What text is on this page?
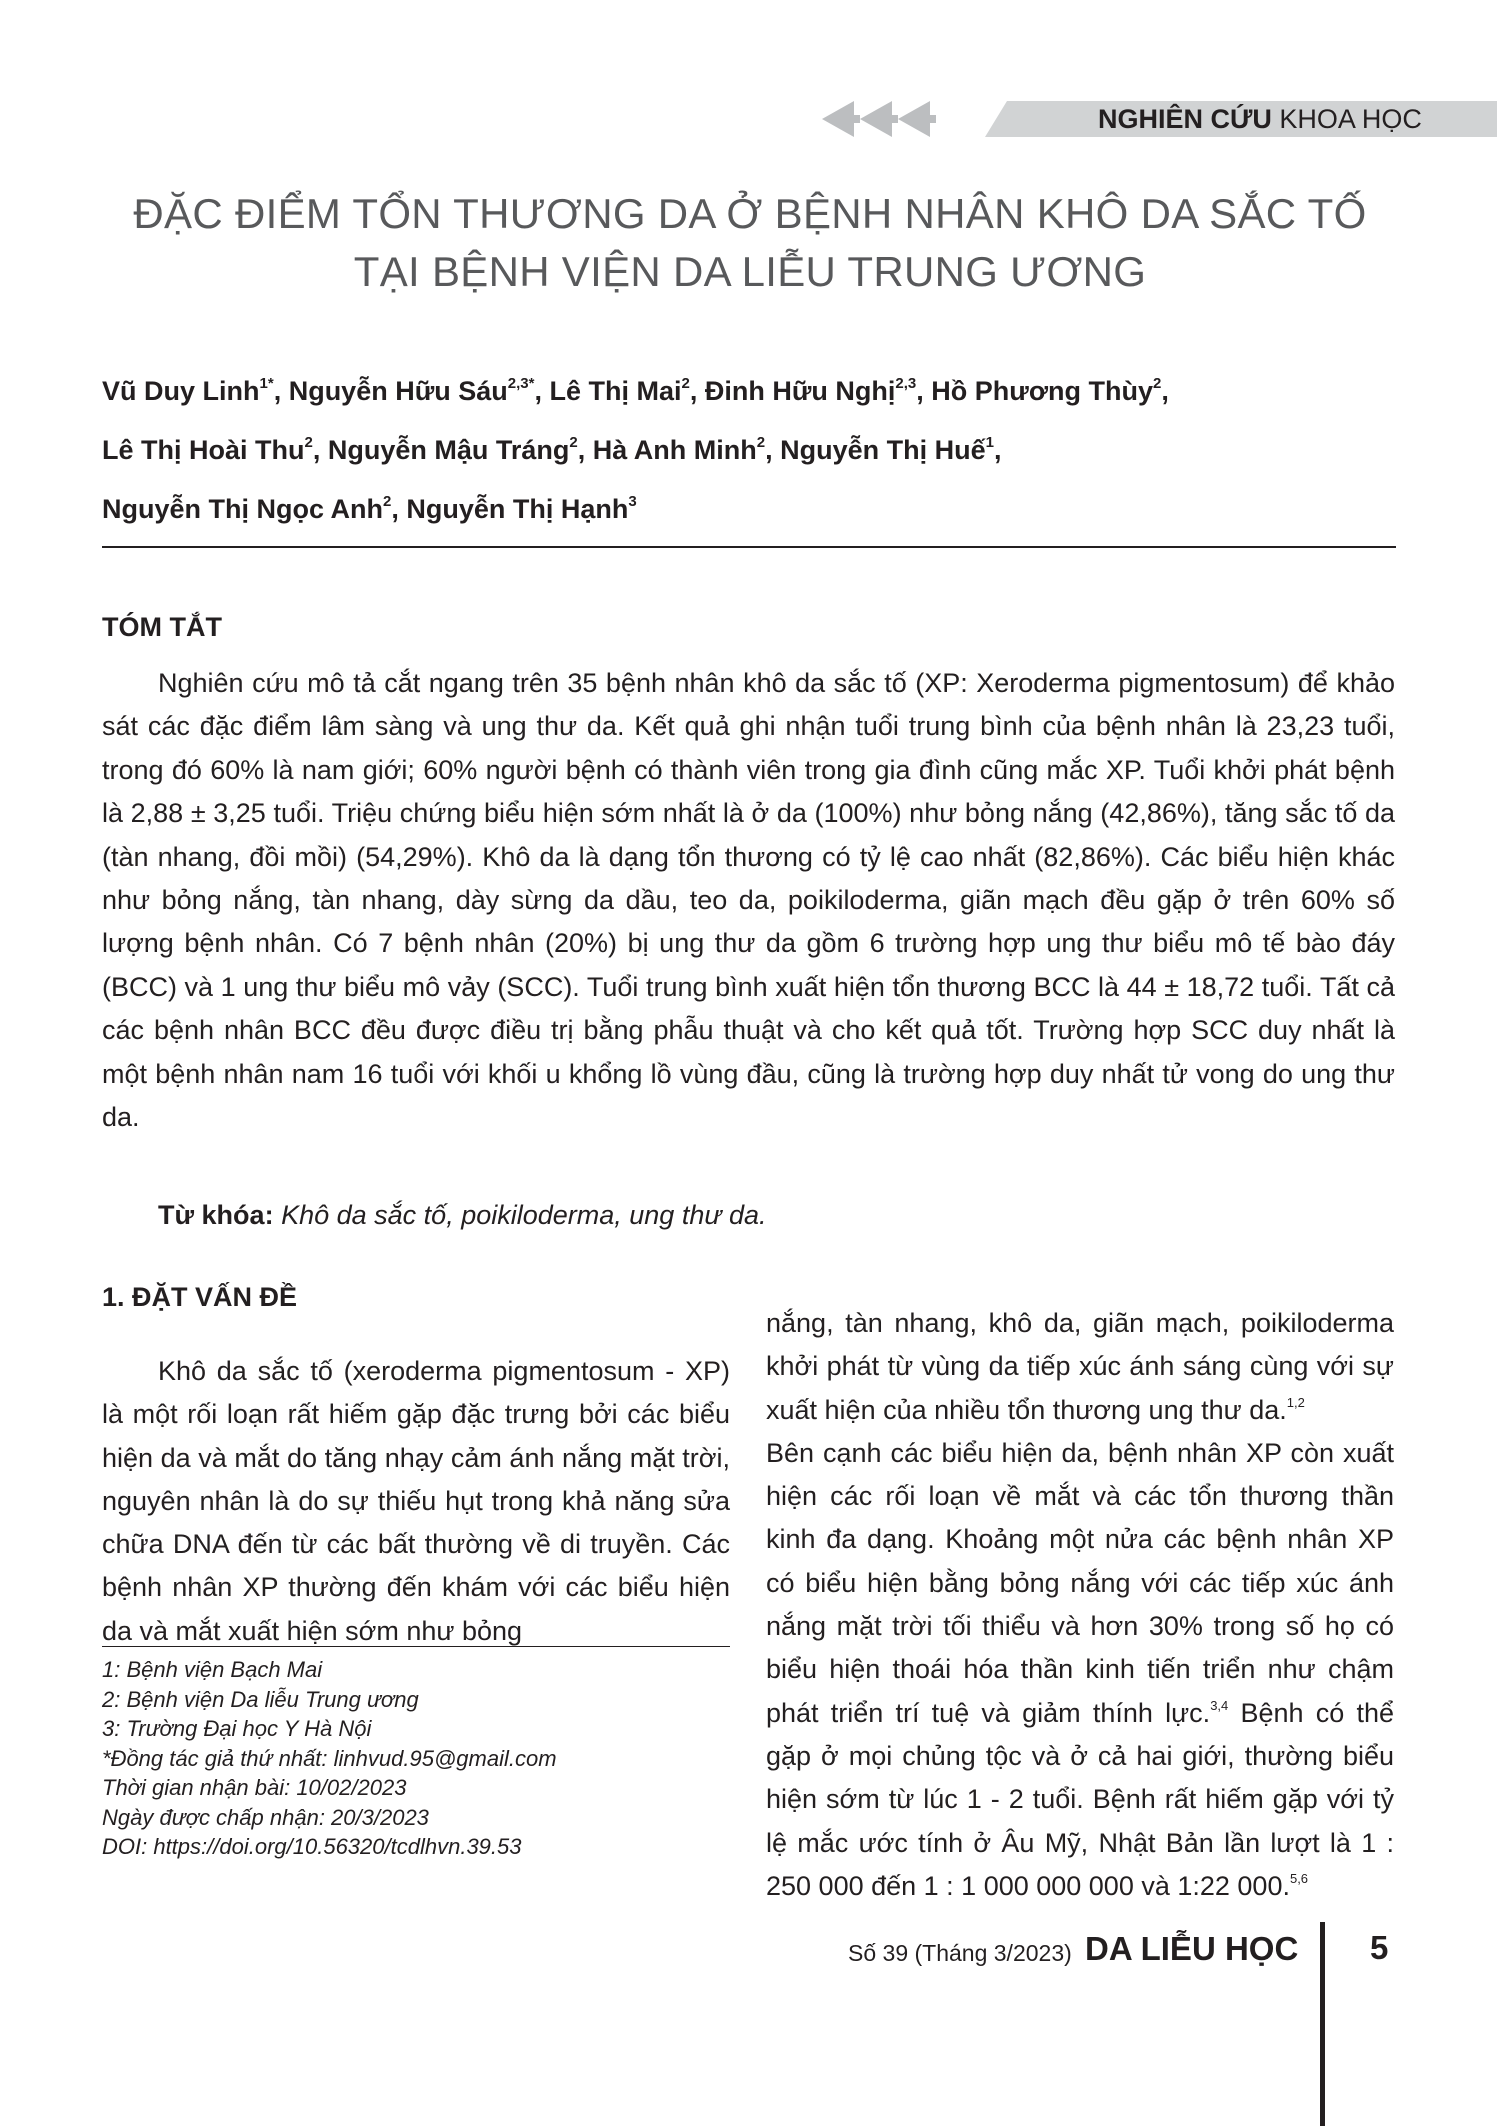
NGHIÊN CỨU KHOA HỌC
ĐẶC ĐIỂM TỔN THƯƠNG DA Ở BỆNH NHÂN KHÔ DA SẮC TỐ
TẠI BỆNH VIỆN DA LIỄU TRUNG ƯƠNG
Vũ Duy Linh$^{1*}$, Nguyễn Hữu Sáu$^{2,3*}$, Lê Thị Mai$^2$, Đinh Hữu Nghị$^{2,3}$, Hồ Phương Thùy$^2$,
Lê Thị Hoài Thu$^2$, Nguyễn Mậu Tráng$^2$, Hà Anh Minh$^2$, Nguyễn Thị Huế$^1$,
Nguyễn Thị Ngọc Anh$^2$, Nguyễn Thị Hạnh$^3$
TÓM TẮT

Nghiên cứu mô tả cắt ngang trên 35 bệnh nhân khô da sắc tố (XP: Xeroderma pigmentosum) để khảo sát các đặc điểm lâm sàng và ung thư da. Kết quả ghi nhận tuổi trung bình của bệnh nhân là 23,23 tuổi, trong đó 60% là nam giới; 60% người bệnh có thành viên trong gia đình cũng mắc XP. Tuổi khởi phát bệnh là 2,88 ± 3,25 tuổi. Triệu chứng biểu hiện sớm nhất là ở da (100%) như bỏng nắng (42,86%), tăng sắc tố da (tàn nhang, đồi mồi) (54,29%). Khô da là dạng tổn thương có tỷ lệ cao nhất (82,86%). Các biểu hiện khác như bỏng nắng, tàn nhang, dày sừng da dầu, teo da, poikiloderma, giãn mạch đều gặp ở trên 60% số lượng bệnh nhân. Có 7 bệnh nhân (20%) bị ung thư da gồm 6 trường hợp ung thư biểu mô tế bào đáy (BCC) và 1 ung thư biểu mô vảy (SCC). Tuổi trung bình xuất hiện tổn thương BCC là 44 ± 18,72 tuổi. Tất cả các bệnh nhân BCC đều được điều trị bằng phẫu thuật và cho kết quả tốt. Trường hợp SCC duy nhất là một bệnh nhân nam 16 tuổi với khối u khổng lồ vùng đầu, cũng là trường hợp duy nhất tử vong do ung thư da.

Từ khóa: Khô da sắc tố, poikiloderma, ung thư da.
1. ĐẶT VẤN ĐỀ

Khô da sắc tố (xeroderma pigmentosum - XP) là một rối loạn rất hiếm gặp đặc trưng bởi các biểu hiện da và mắt do tăng nhạy cảm ánh nắng mặt trời, nguyên nhân là do sự thiếu hụt trong khả năng sửa chữa DNA đến từ các bất thường về di truyền. Các bệnh nhân XP thường đến khám với các biểu hiện da và mắt xuất hiện sớm như bỏng

nắng, tàn nhang, khô da, giãn mạch, poikiloderma khởi phát từ vùng da tiếp xúc ánh sáng cùng với sự xuất hiện của nhiều tổn thương ung thư da.$^{1,2}$

Bên cạnh các biểu hiện da, bệnh nhân XP còn xuất hiện các rối loạn về mắt và các tổn thương thần kinh đa dạng. Khoảng một nửa các bệnh nhân XP có biểu hiện bằng bỏng nắng với các tiếp xúc ánh nắng mặt trời tối thiểu và hơn 30% trong số họ có biểu hiện thoái hóa thần kinh tiến triển như chậm phát triển trí tuệ và giảm thính lực.$^{3,4}$ Bệnh có thể gặp ở mọi chủng tộc và ở cả hai giới, thường biểu hiện sớm từ lúc 1 - 2 tuổi. Bệnh rất hiếm gặp với tỷ lệ mắc ước tính ở Âu Mỹ, Nhật Bản lần lượt là 1 : 250 000 đến 1 : 1 000 000 000 và 1:22 000.$^{5,6}$

1: Bệnh viện Bạch Mai
2: Bệnh viện Da liễu Trung ương
3: Trường Đại học Y Hà Nội
*Đồng tác giả thứ nhất: linhvud.95@gmail.com
Thời gian nhận bài: 10/02/2023
Ngày được chấp nhận: 20/3/2023
DOI: https://doi.org/10.56320/tcdlhvn.39.53
Số 39 (Tháng 3/2023) DA LIỄU HỌC 5
